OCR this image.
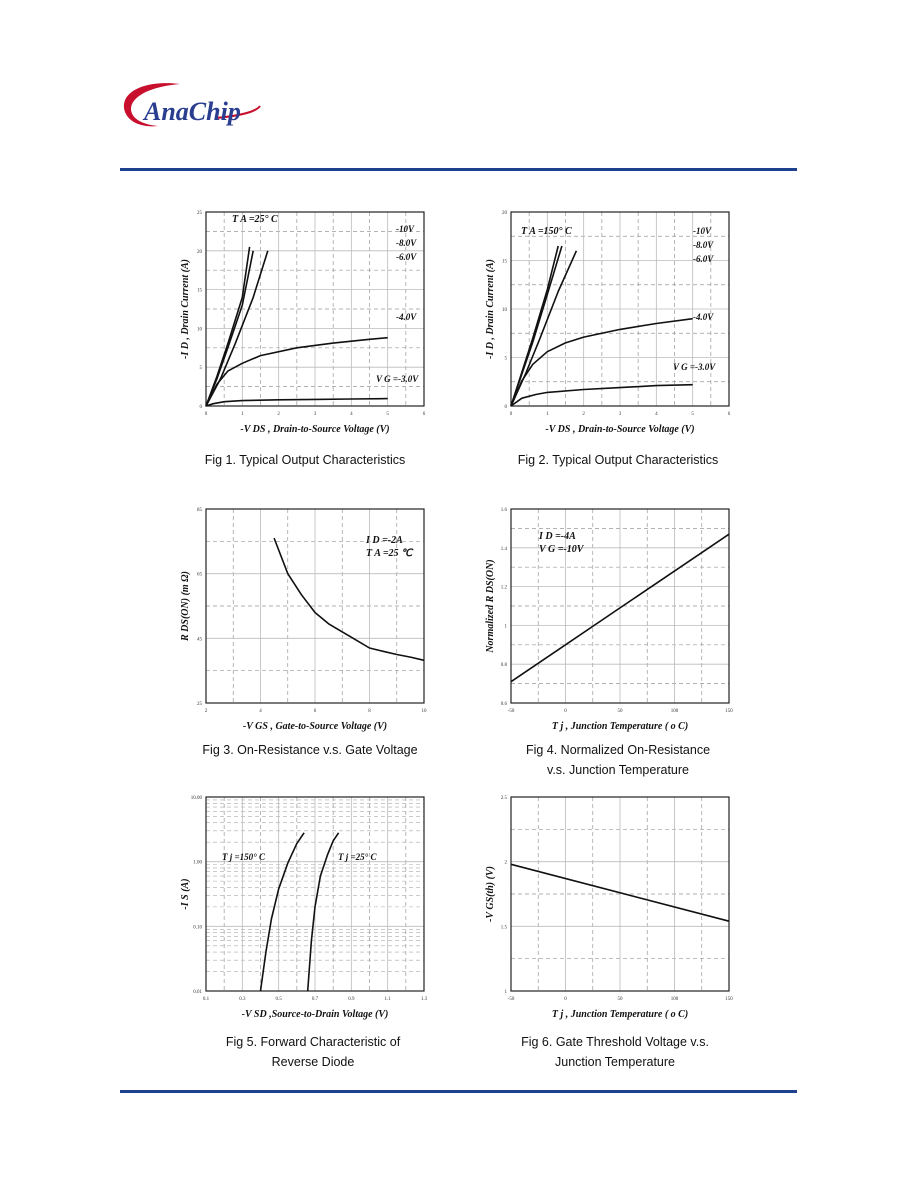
AnaChip
0	1	2	3	4	5	6
0
5
10
15
20
25
-V DS , Drain-to-Source Voltage (V)
-I D , Drain Current (A)
T A =25° C
-10V
-8.0V
-6.0V
-4.0V
V G =-3.0V
0	1	2	3	4	5	6
0
5
10
15
20
-V DS , Drain-to-Source Voltage (V)
-I D , Drain Current (A)
T A =150° C	-10V
-8.0V
-6.0V
-4.0V
V G =-3.0V
2	4	6	8	10
25
45
65
85
-V GS , Gate-to-Source Voltage (V)
R DS(ON) (m Ω)
I D =-2A
T A =25 ℃
-50	0	50	100	150
0.6
0.8
1
1.2
1.4
1.6
T j , Junction Temperature ( o C)
Normalized R DS(ON)
I D =-4A
V G =-10V
0.1	0.3	0.5	0.7	0.9	1.1	1.3
0.01
0.10
1.00
10.00
-V SD ,Source-to-Drain Voltage (V)
-I S (A)
T j =150° C	T j =25° C
-50	0	50	100	150
1
1.5
2
2.5
T j , Junction Temperature ( o C)
-V GS(th) (V)
Fig 1. Typical Output Characteristics	Fig 2. Typical Output Characteristics
Fig 3. On-Resistance v.s. Gate Voltage	Fig 4. Normalized On-Resistance
v.s. Junction Temperature
Fig 5. Forward Characteristic of
Reverse Diode
Fig 6. Gate Threshold Voltage v.s.
Junction Temperature
